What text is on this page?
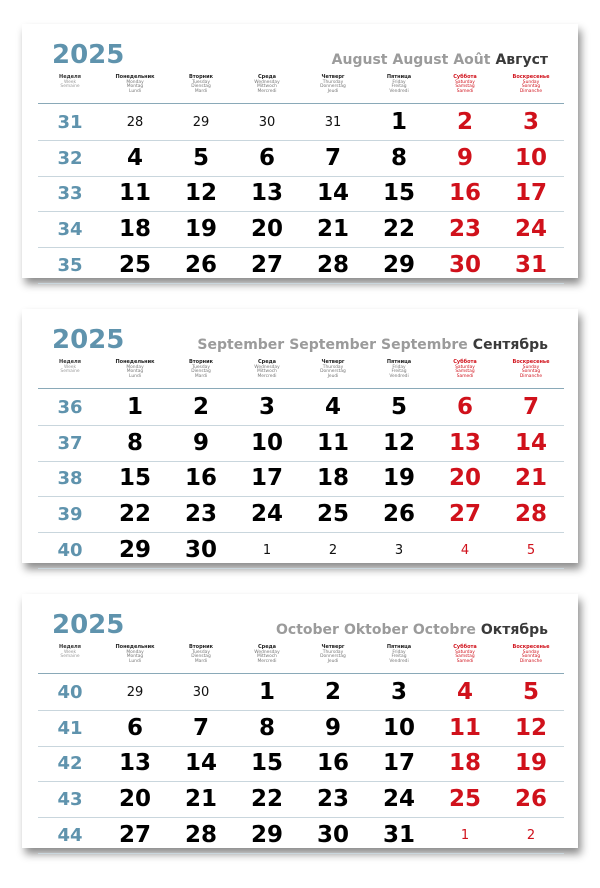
2025	August August Août Август
Неделя
Week
Semaine
Понедельник
Monday
Montag
Lundi
Вторник
Tuesday
Dienstag
Mardi
Среда
Wednesday
Mittwoch
Mercredi
Четверг
Thursday
Donnerstag
Jeudi
Пятница
Friday
Freitag
Vendredi
Суббота
Saturday
Samstag
Samedi
Воскресенье
Sunday
Sonntag
Dimanche
31	28	29	30	31	1	2	3
32	4	5	6	7	8	9	10
33	11	12	13	14	15	16	17
34	18	19	20	21	22	23	24
35	25	26	27	28	29	30	31
2025	September September Septembre Сентябрь
Неделя
Week
Semaine
Понедельник
Monday
Montag
Lundi
Вторник
Tuesday
Dienstag
Mardi
Среда
Wednesday
Mittwoch
Mercredi
Четверг
Thursday
Donnerstag
Jeudi
Пятница
Friday
Freitag
Vendredi
Суббота
Saturday
Samstag
Samedi
Воскресенье
Sunday
Sonntag
Dimanche
36	1	2	3	4	5	6	7
37	8	9	10	11	12	13	14
38	15	16	17	18	19	20	21
39	22	23	24	25	26	27	28
40	29	30	1	2	3	4	5
2025	October Oktober Octobre Октябрь
Неделя
Week
Semaine
Понедельник
Monday
Montag
Lundi
Вторник
Tuesday
Dienstag
Mardi
Среда
Wednesday
Mittwoch
Mercredi
Четверг
Thursday
Donnerstag
Jeudi
Пятница
Friday
Freitag
Vendredi
Суббота
Saturday
Samstag
Samedi
Воскресенье
Sunday
Sonntag
Dimanche
40	29	30	1	2	3	4	5
41	6	7	8	9	10	11	12
42	13	14	15	16	17	18	19
43	20	21	22	23	24	25	26
44	27	28	29	30	31	1	2
